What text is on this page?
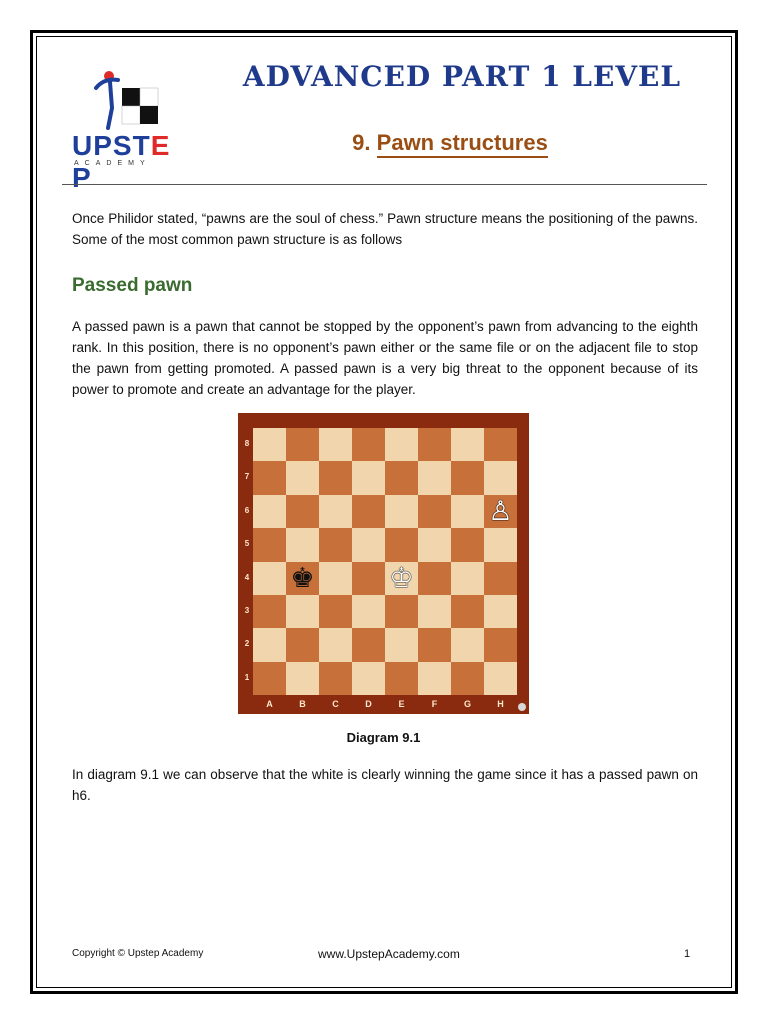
UPSTE P
ACADEMY
ADVANCED PART 1 LEVEL
9. Pawn structures
Once Philidor stated, “pawns are the soul of chess.” Pawn structure means the positioning of the pawns. Some of the most common pawn structure is as follows
Passed pawn
A passed pawn is a pawn that cannot be stopped by the opponent’s pawn from advancing to the eighth rank. In this position, there is no opponent’s pawn either or the same file or on the adjacent file to stop the pawn from getting promoted. A passed pawn is a very big threat to the opponent because of its power to promote and create an advantage for the player.
♙
♚	♔
8
7
6
5
4
3
2
1
A	B	C	D	E	F	G	H
Diagram 9.1
In diagram 9.1 we can observe that the white is clearly winning the game since it has a passed pawn on h6.
Copyright © Upstep Academy	www.UpstepAcademy.com	1
